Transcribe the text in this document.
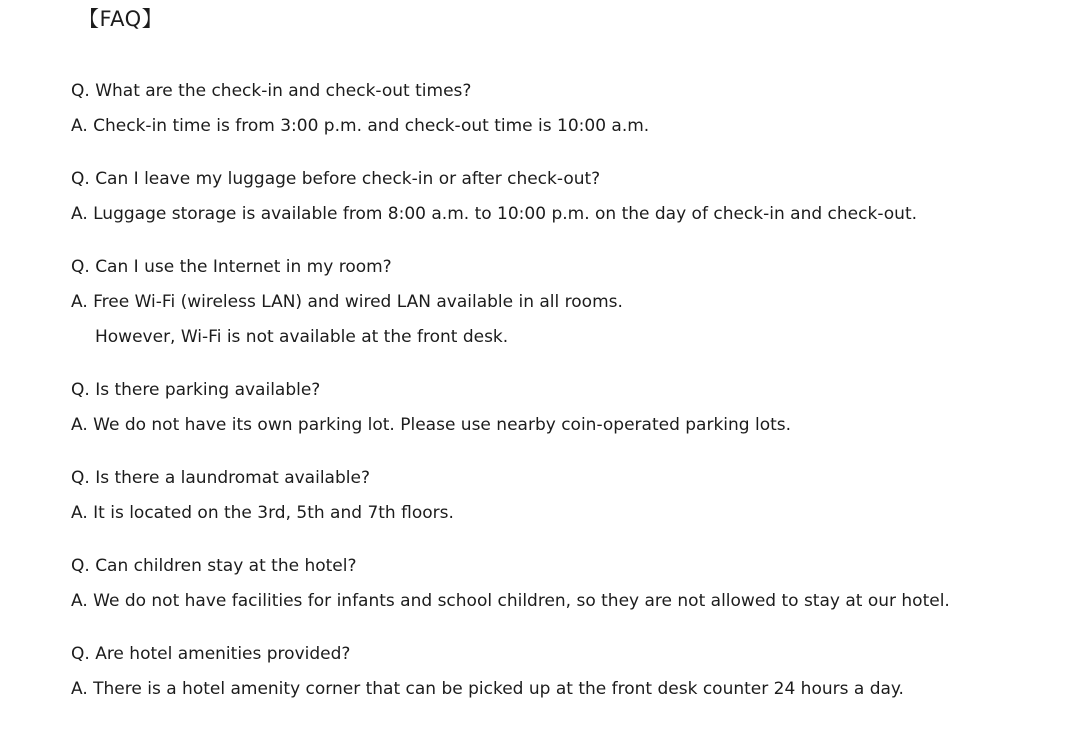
【FAQ】
Q. What are the check-in and check-out times?
A. Check-in time is from 3:00 p.m. and check-out time is 10:00 a.m.
Q. Can I leave my luggage before check-in or after check-out?
A. Luggage storage is available from 8:00 a.m. to 10:00 p.m. on the day of check-in and check-out.
Q. Can I use the Internet in my room?
A. Free Wi-Fi (wireless LAN) and wired LAN available in all rooms.
However, Wi-Fi is not available at the front desk.
Q. Is there parking available?
A. We do not have its own parking lot. Please use nearby coin-operated parking lots.
Q. Is there a laundromat available?
A. It is located on the 3rd, 5th and 7th floors.
Q. Can children stay at the hotel?
A. We do not have facilities for infants and school children, so they are not allowed to stay at our hotel.
Q. Are hotel amenities provided?
A. There is a hotel amenity corner that can be picked up at the front desk counter 24 hours a day.
